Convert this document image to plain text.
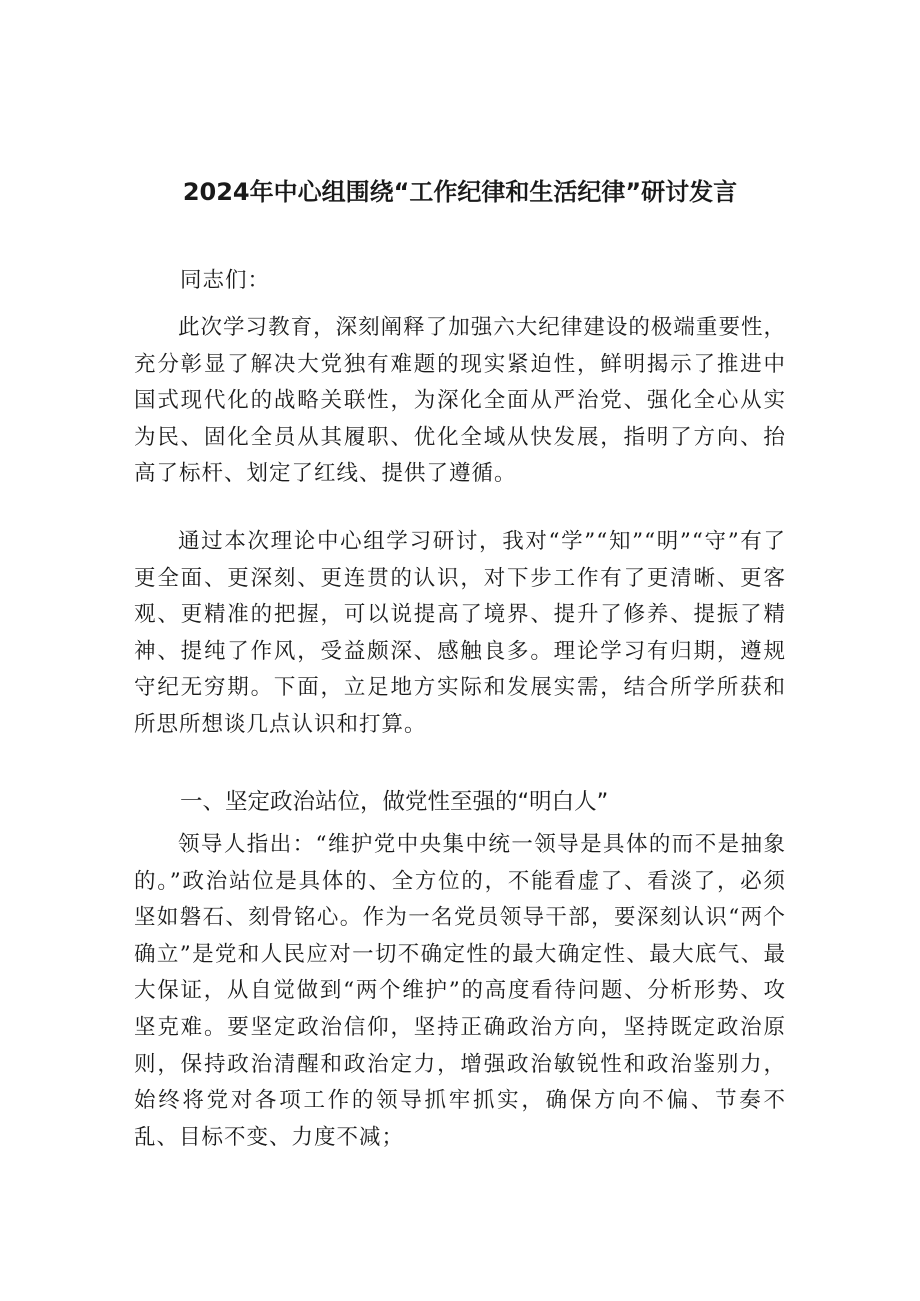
2024年中心组围绕“工作纪律和生活纪律”研讨发言
同志们：
此次学习教育，深刻阐释了加强六大纪律建设的极端重要性，充分彰显了解决大党独有难题的现实紧迫性，鲜明揭示了推进中国式现代化的战略关联性，为深化全面从严治党、强化全心从实为民、固化全员从其履职、优化全域从快发展，指明了方向、抬高了标杆、划定了红线、提供了遵循。
通过本次理论中心组学习研讨，我对“学”“知”“明”“守”有了更全面、更深刻、更连贯的认识，对下步工作有了更清晰、更客观、更精准的把握，可以说提高了境界、提升了修养、提振了精神、提纯了作风，受益颇深、感触良多。理论学习有归期，遵规守纪无穷期。下面，立足地方实际和发展实需，结合所学所获和所思所想谈几点认识和打算。
一、坚定政治站位，做党性至强的“明白人”
领导人指出：“维护党中央集中统一领导是具体的而不是抽象的。”政治站位是具体的、全方位的，不能看虚了、看淡了，必须坚如磐石、刻骨铭心。作为一名党员领导干部，要深刻认识“两个确立”是党和人民应对一切不确定性的最大确定性、最大底气、最大保证，从自觉做到“两个维护”的高度看待问题、分析形势、攻坚克难。要坚定政治信仰，坚持正确政治方向，坚持既定政治原则，保持政治清醒和政治定力，增强政治敏锐性和政治鉴别力，始终将党对各项工作的领导抓牢抓实，确保方向不偏、节奏不乱、目标不变、力度不减；
